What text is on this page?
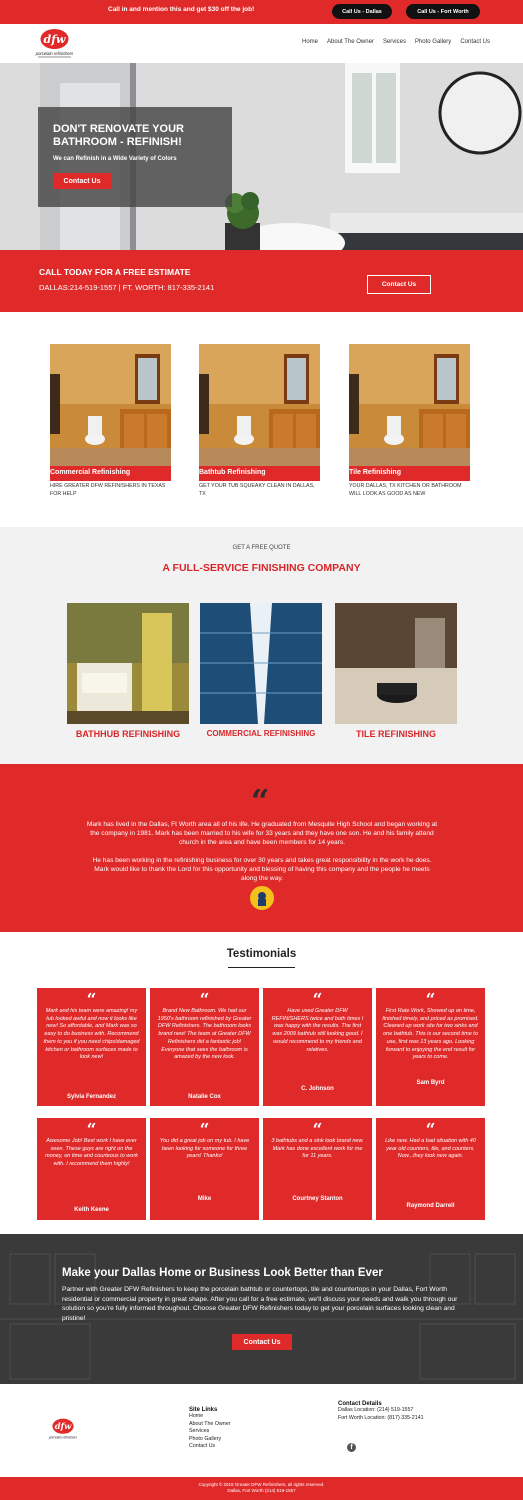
Call in and mention this and get $30 off the job!	Call Us - Dallas	Call Us - Fort Worth
dfw
porcelain refinishers
Home About The Owner Services Photo Gallery Contact Us
DON'T RENOVATE YOUR BATHROOM - REFINISH!
We can Refinish in a Wide Variety of Colors
Contact Us
CALL TODAY FOR A FREE ESTIMATE
DALLAS:214-519-1557 | FT. WORTH: 817-335-2141	Contact Us
Commercial Refinishing
HIRE GREATER DFW REFINISHERS IN TEXAS FOR HELP
Bathtub Refinishing
GET YOUR TUB SQUEAKY CLEAN IN DALLAS, TX
Tile Refinishing
YOUR DALLAS, TX KITCHEN OR BATHROOM WILL LOOK AS GOOD AS NEW
GET A FREE QUOTE
A FULL-SERVICE FINISHING COMPANY
BATHHUB REFINISHING	COMMERCIAL REFINISHING	TILE REFINISHING
“
Mark has lived in the Dallas, Ft Worth area all of his life. He graduated from Mesquite High School and began working at the company in 1981. Mark has been married to his wife for 33 years and they have one son. He and his family attend church in the area and have been members for 14 years.
He has been working in the refinishing business for over 30 years and takes great responsibility in the work he does. Mark would like to thank the Lord for this opportunity and blessing of having this company and the people he meets along the way.
Testimonials
“
Mark and his team were amazing! my tub looked awful and now it looks like new! So affordable, and Mark was so easy to do business with. Recommend them to you if you need chips/damaged kitchen or bathroom surfaces made to look new!
Sylvia Fernandez
“
Brand New Bathroom. We had our 1950's bathroom refinished by Greater DFW Refinishers. The bathroom looks brand new! The team at Greater DFW Refinishers did a fantastic job! Everyone that sees the bathroom is amazed by the new look.
Natalie Cox
“
Have used Greater DFW REFINISHERS twice and both times I was happy with the results. The first was 2009 bathtub still looking good. I would recommend to my friends and relatives.
C. Johnson
“
First Rate Work, Showed up on time, finished timely, and priced as promised. Cleaned up work site for two sinks and one bathtub. This is our second time to use, first was 13 years ago. Looking forward to enjoying the end result for years to come.
Sam Byrd
“
Awesome Job! Best work I have ever seen. These guys are right on the money, on time and courteous to work with. I recommend them highly!
Keith Keene
“
You did a great job on my tub. I have been looking for someone for three years! Thanks!
Mike
“
3 bathtubs and a sink look brand new. Mark has done excellent work for me for 11 years.
Courtney Stanton
“
Like new. Had a bad situation with 40 year old counters, tile, and counters. Now...they look new again.
Raymond Darrell
Make your Dallas Home or Business Look Better than Ever

Partner with Greater DFW Refinishers to keep the porcelain bathtub or countertops, tile and countertops in your Dallas, Fort Worth residential or commercial property in great shape. After you call for a free estimate, we'll discuss your needs and walk you through our solution so you're fully informed throughout. Choose Greater DFW Refinishers today to get your porcelain surfaces looking clean and pristine!

Contact Us
dfw
porcelain refinishers
Site Links
Home
About The Owner
Services
Photo Gallery
Contact Us
Contact Details
Dallas Location: (214) 519-1557
Fort Worth Location: (817) 335-2141
f
Copyright © 2019 Greater DFW Refinishers, all rights reserved.
Dallas, Fort Worth (214) 519-1557
